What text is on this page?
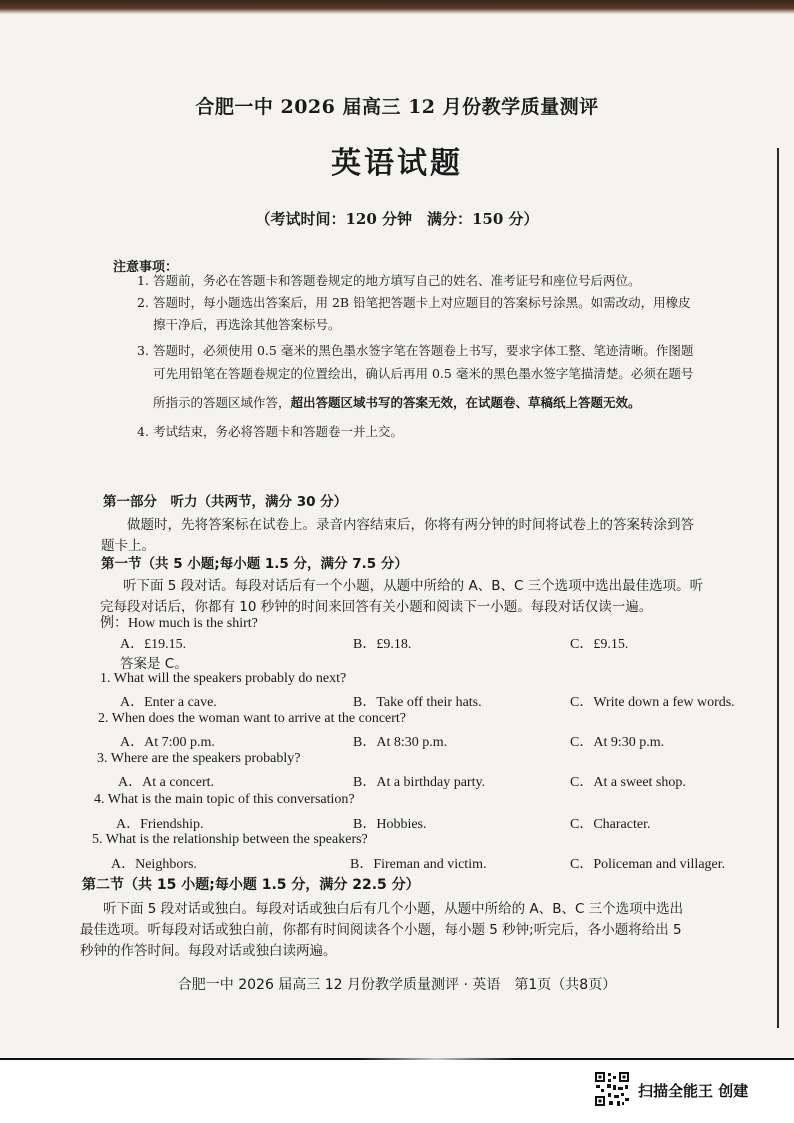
合肥一中 2026 届高三 12 月份教学质量测评
英语试题
（考试时间：120 分钟　满分：150 分）
注意事项：
1. 答题前，务必在答题卡和答题卷规定的地方填写自己的姓名、准考证号和座位号后两位。
2. 答题时，每小题选出答案后，用 2B 铅笔把答题卡上对应题目的答案标号涂黑。如需改动，用橡皮
擦干净后，再选涂其他答案标号。
3. 答题时，必须使用 0.5 毫米的黑色墨水签字笔在答题卷上书写，要求字体工整、笔迹清晰。作图题
可先用铅笔在答题卷规定的位置绘出，确认后再用 0.5 毫米的黑色墨水签字笔描清楚。必须在题号
所指示的答题区域作答，超出答题区域书写的答案无效，在试题卷、草稿纸上答题无效。
4. 考试结束，务必将答题卡和答题卷一并上交。
第一部分　听力（共两节，满分 30 分）
做题时，先将答案标在试卷上。录音内容结束后，你将有两分钟的时间将试卷上的答案转涂到答
题卡上。
第一节（共 5 小题;每小题 1.5 分，满分 7.5 分）
听下面 5 段对话。每段对话后有一个小题，从题中所给的 A、B、C 三个选项中选出最佳选项。听
完每段对话后，你都有 10 秒钟的时间来回答有关小题和阅读下一小题。每段对话仅读一遍。
例：How much is the shirt?
A．£19.15.	B．£9.18.	C．£9.15.
答案是 C。
1. What will the speakers probably do next?
A．Enter a cave.	B．Take off their hats.	C．Write down a few words.
2. When does the woman want to arrive at the concert?
A．At 7:00 p.m.	B．At 8:30 p.m.	C．At 9:30 p.m.
3. Where are the speakers probably?
A．At a concert.	B．At a birthday party.	C．At a sweet shop.
4. What is the main topic of this conversation?
A．Friendship.	B．Hobbies.	C．Character.
5. What is the relationship between the speakers?
A．Neighbors.	B．Fireman and victim.	C．Policeman and villager.
第二节（共 15 小题;每小题 1.5 分，满分 22.5 分）
听下面 5 段对话或独白。每段对话或独白后有几个小题，从题中所给的 A、B、C 三个选项中选出
最佳选项。听每段对话或独白前，你都有时间阅读各个小题，每小题 5 秒钟;听完后，各小题将给出 5
秒钟的作答时间。每段对话或独白读两遍。
合肥一中 2026 届高三 12 月份教学质量测评 · 英语　第1页（共8页）
扫描全能王 创建
